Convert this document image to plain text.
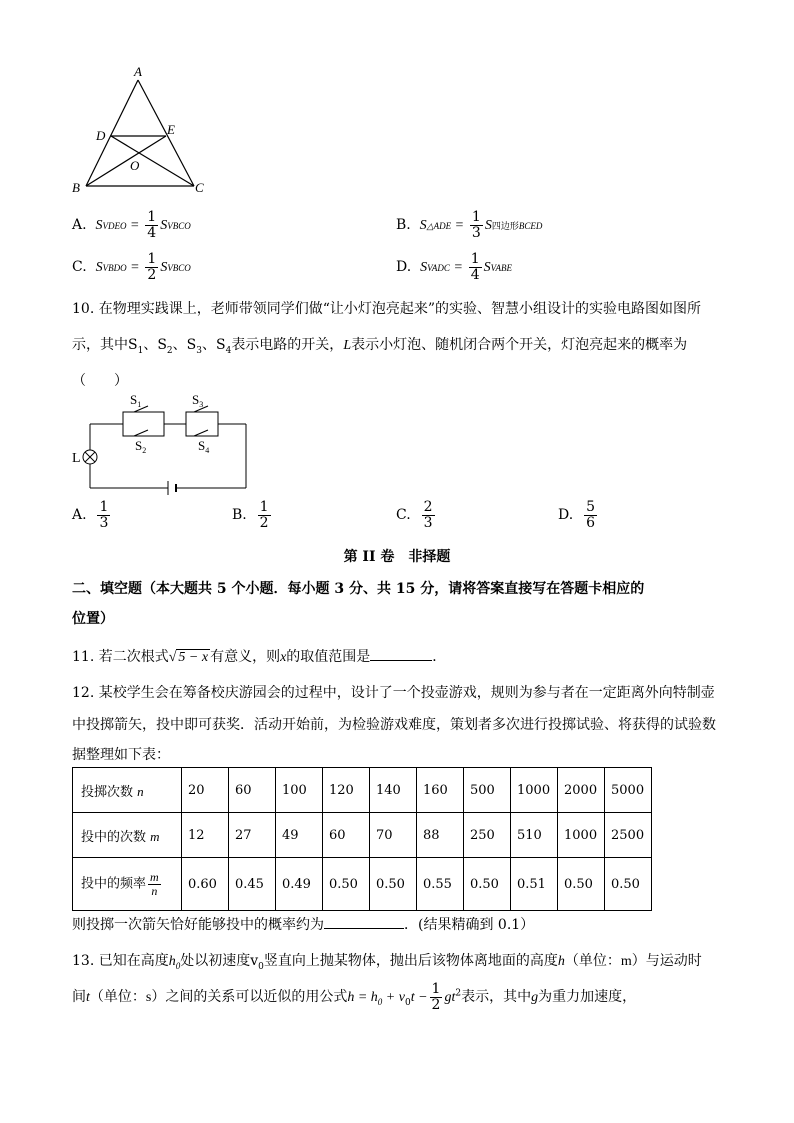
A
D	E
O
B	C
A. SVDEO = $\frac{1}{4}$ SVBCO	B. S△ADE = $\frac{1}{3}$ S四边形BCED
C. SVBDO = $\frac{1}{2}$ SVBCO	D. SVADC = $\frac{1}{4}$ SVABE
10. 在物理实践课上，老师带领同学们做“让小灯泡亮起来”的实验、智慧小组设计的实验电路图如图所
示，其中$S_1$、$S_2$、$S_3$、$S_4$表示电路的开关，L表示小灯泡、随机闭合两个开关，灯泡亮起来的概率为
（　　）
$S_1$
$S_2$
$S_3$
$S_4$
L
A. $\frac{1}{3}$	B. $\frac{1}{2}$	C. $\frac{2}{3}$	D. $\frac{5}{6}$
第 II 卷　非择题
二、填空题（本大题共 5 个小题．每小题 3 分、共 15 分，请将答案直接写在答题卡相应的
位置）
11. 若二次根式√ 5 − x 有意义，则x的取值范围是	．
12. 某校学生会在筹备校庆游园会的过程中，设计了一个投壶游戏，规则为参与者在一定距离外向特制壶
中投掷箭矢，投中即可获奖．活动开始前，为检验游戏难度，策划者多次进行投掷试验、将获得的试验数
据整理如下表：
投掷次数 n	20	60	100	120	140	160	500	1000	2000	5000
投中的次数 m	12	27	49	60	70	88	250	510	1000	2500
投中的频率 $\frac{m}{n}$	0.60	0.45	0.49	0.50	0.50	0.55	0.50	0.51	0.50	0.50
则投掷一次箭矢恰好能够投中的概率约为	．(结果精确到 0.1）
13. 已知在高度$h_0$处以初速度$v_0$竖直向上抛某物体，抛出后该物体离地面的高度h（单位：m）与运动时
间t（单位：s）之间的关系可以近似的用公式$h = h_0 + v_0t - \frac{1}{2} gt^2$表示，其中g为重力加速度，
